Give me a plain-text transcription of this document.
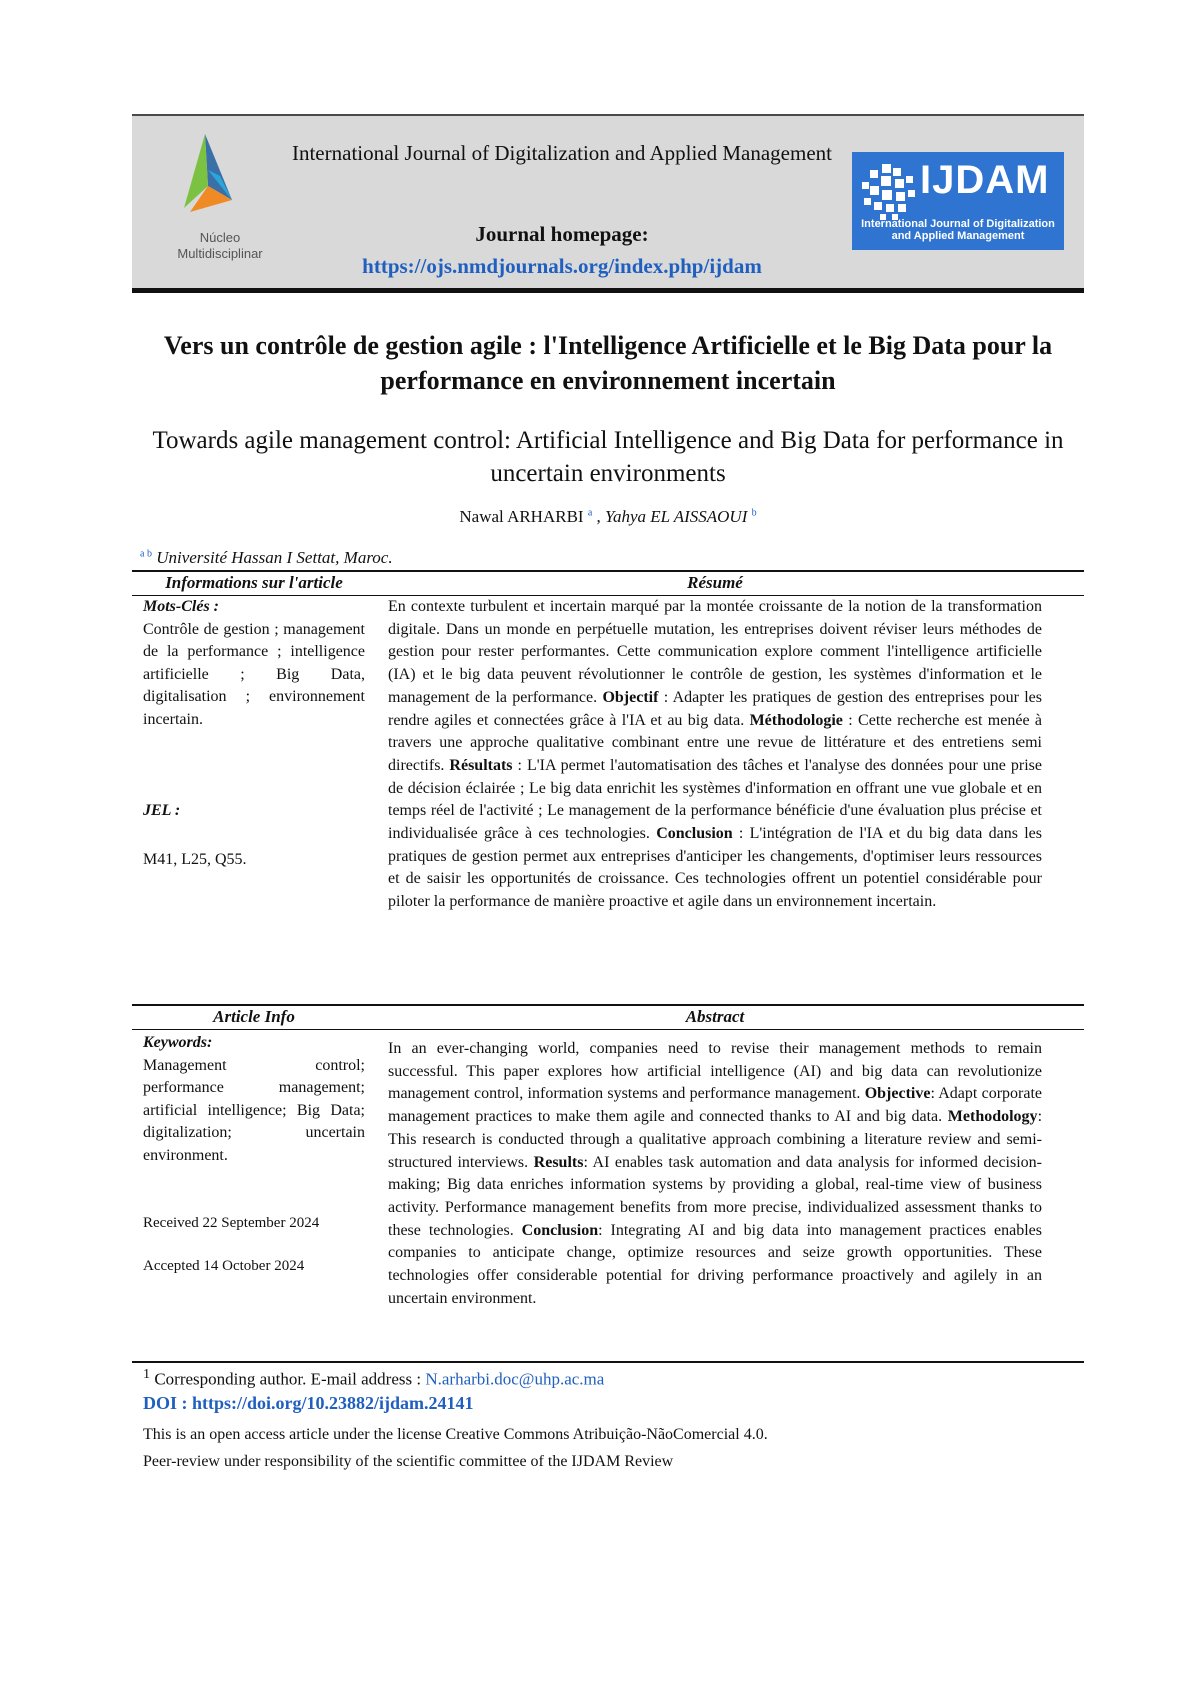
Núcleo
Multidisciplinar
International Journal of Digitalization and Applied Management
Journal homepage:
https://ojs.nmdjournals.org/index.php/ijdam
IJDAM
International Journal of Digitalization and Applied Management
Vers un contrôle de gestion agile : l'Intelligence Artificielle et le Big Data pour la performance en environnement incertain
Towards agile management control: Artificial Intelligence and Big Data for performance in uncertain environments
Nawal ARHARBI $^a$ , Yahya EL AISSAOUI $^b$
$^{a b}$ Université Hassan I Settat, Maroc.
Informations sur l'article	Résumé
Mots-Clés :
Contrôle de gestion ; management de la performance ; intelligence artificielle ; Big Data, digitalisation ; environnement incertain.
JEL :
M41, L25, Q55.
En contexte turbulent et incertain marqué par la montée croissante de la notion de la transformation digitale. Dans un monde en perpétuelle mutation, les entreprises doivent réviser leurs méthodes de gestion pour rester performantes. Cette communication explore comment l'intelligence artificielle (IA) et le big data peuvent révolutionner le contrôle de gestion, les systèmes d'information et le management de la performance. Objectif : Adapter les pratiques de gestion des entreprises pour les rendre agiles et connectées grâce à l'IA et au big data. Méthodologie : Cette recherche est menée à travers une approche qualitative combinant entre une revue de littérature et des entretiens semi directifs. Résultats : L'IA permet l'automatisation des tâches et l'analyse des données pour une prise de décision éclairée ; Le big data enrichit les systèmes d'information en offrant une vue globale et en temps réel de l'activité ; Le management de la performance bénéficie d'une évaluation plus précise et individualisée grâce à ces technologies. Conclusion : L'intégration de l'IA et du big data dans les pratiques de gestion permet aux entreprises d'anticiper les changements, d'optimiser leurs ressources et de saisir les opportunités de croissance. Ces technologies offrent un potentiel considérable pour piloter la performance de manière proactive et agile dans un environnement incertain.
Article Info	Abstract
Keywords:
Management control; performance management; artificial intelligence; Big Data; digitalization; uncertain environment.
Received 22 September 2024
Accepted 14 October 2024
In an ever-changing world, companies need to revise their management methods to remain successful. This paper explores how artificial intelligence (AI) and big data can revolutionize management control, information systems and performance management. Objective: Adapt corporate management practices to make them agile and connected thanks to AI and big data. Methodology: This research is conducted through a qualitative approach combining a literature review and semi-structured interviews. Results: AI enables task automation and data analysis for informed decision-making; Big data enriches information systems by providing a global, real-time view of business activity. Performance management benefits from more precise, individualized assessment thanks to these technologies. Conclusion: Integrating AI and big data into management practices enables companies to anticipate change, optimize resources and seize growth opportunities. These technologies offer considerable potential for driving performance proactively and agilely in an uncertain environment.
$^1$ Corresponding author. E-mail address : N.arharbi.doc@uhp.ac.ma
DOI : https://doi.org/10.23882/ijdam.24141
This is an open access article under the license Creative Commons Atribuição-NãoComercial 4.0.
Peer-review under responsibility of the scientific committee of the IJDAM Review
